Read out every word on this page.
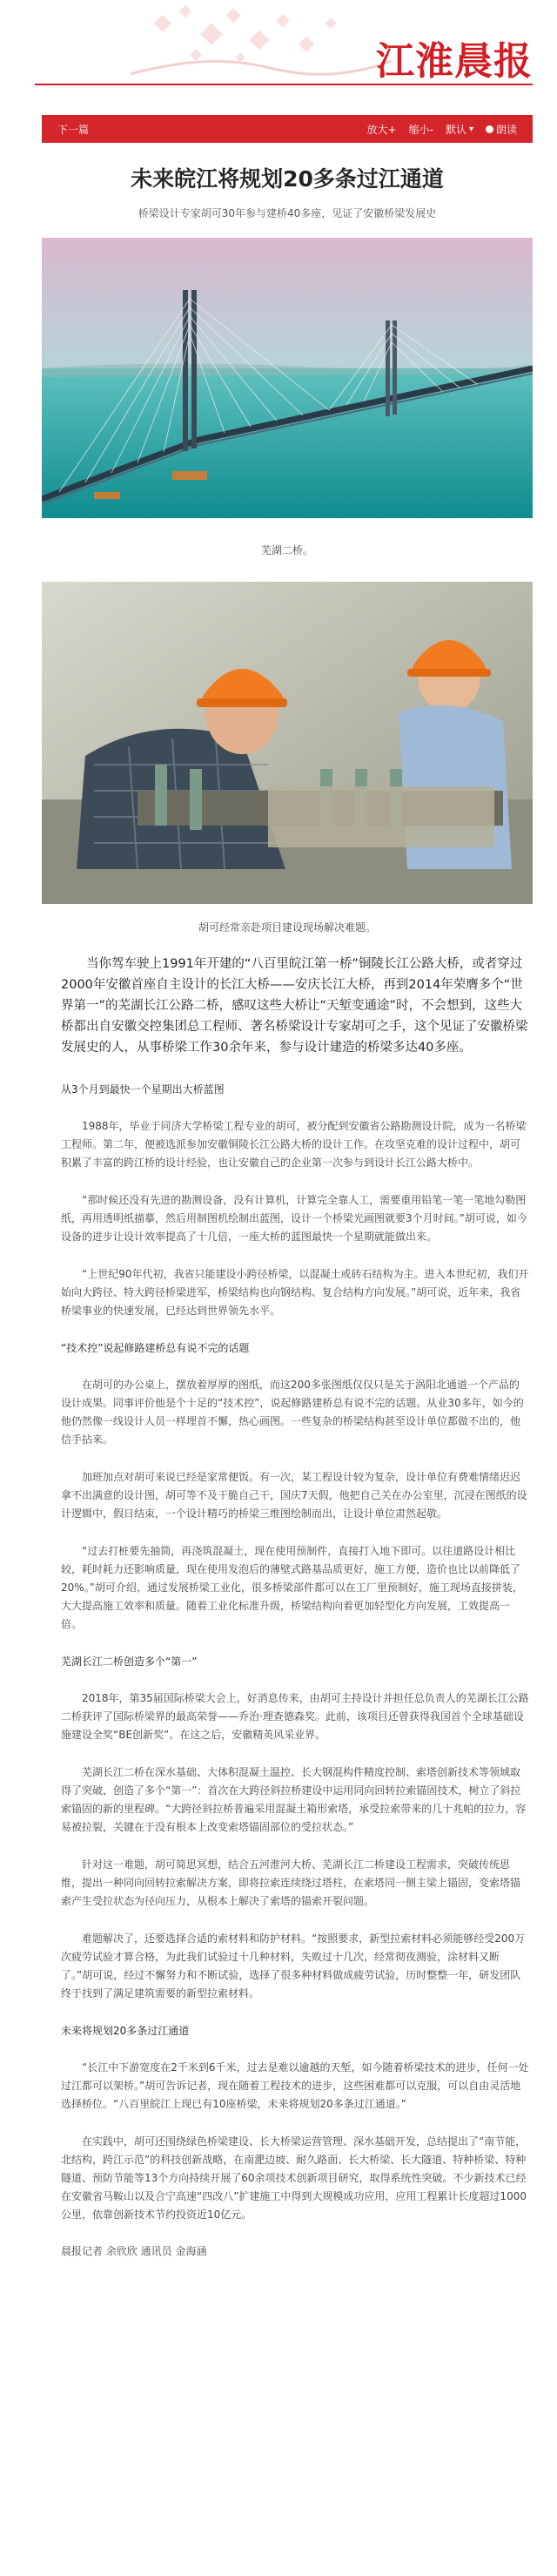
江淮晨报
下一篇	放大+ 缩小- 默认 ▾ 朗读
未来皖江将规划20多条过江通道
桥梁设计专家胡可30年参与建桥40多座，见证了安徽桥梁发展史
芜湖二桥。
胡可经常亲赴项目建设现场解决难题。

当你驾车驶上1991年开建的“八百里皖江第一桥”铜陵长江公路大桥，或者穿过2000年安徽首座自主设计的长江大桥——安庆长江大桥，再到2014年荣膺多个“世界第一”的芜湖长江公路二桥，感叹这些大桥让“天堑变通途”时，不会想到，这些大桥都出自安徽交控集团总工程师、著名桥梁设计专家胡可之手，这个见证了安徽桥梁发展史的人，从事桥梁工作30余年来，参与设计建造的桥梁多达40多座。

从3个月到最快一个星期出大桥蓝图

1988年，毕业于同济大学桥梁工程专业的胡可，被分配到安徽省公路勘测设计院，成为一名桥梁工程师。第二年，便被选派参加安徽铜陵长江公路大桥的设计工作。在攻坚克难的设计过程中，胡可积累了丰富的跨江桥的设计经验，也让安徽自己的企业第一次参与到设计长江公路大桥中。

“那时候还没有先进的勘测设备，没有计算机，计算完全靠人工，需要重用铅笔一笔一笔地勾勒图纸，再用透明纸描摹，然后用制图机绘制出蓝图，设计一个桥梁光画图就要3个月时间。”胡可说，如今设备的进步让设计效率提高了十几倍，一座大桥的蓝图最快一个星期就能做出来。

“上世纪90年代初，我省只能建设小跨径桥梁，以混凝土或砖石结构为主。进入本世纪初，我们开始向大跨径、特大跨径桥梁进军，桥梁结构也向钢结构、复合结构方向发展。”胡可说，近年来，我省桥梁事业的快速发展，已经达到世界领先水平。

“技术控”说起修路建桥总有说不完的话题

在胡可的办公桌上，摆放着厚厚的图纸，而这200多张图纸仅仅只是关于涡阳北通道一个产品的设计成果。同事评价他是个十足的“技术控”，说起修路建桥总有说不完的话题。从业30多年，如今的他仍然像一线设计人员一样埋首不懈，热心画图。一些复杂的桥梁结构甚至设计单位都做不出的，他信手拈来。

加班加点对胡可来说已经是家常便饭。有一次，某工程设计较为复杂，设计单位有费难情绪迟迟拿不出满意的设计图，胡可等不及干脆自己干，国庆7天假，他把自己关在办公室里，沉浸在图纸的设计逻辑中，假日结束，一个设计精巧的桥梁三维图绘制而出，让设计单位肃然起敬。

“过去打桩要先抽筒，再浇筑混凝土，现在使用预制件，直接打入地下即可。以往道路设计相比较，耗时耗力还影响质量，现在使用发泡后的薄壁式路基品质更好，施工方便，造价也比以前降低了20%。”胡可介绍，通过发展桥梁工业化，很多桥梁部件都可以在工厂里预制好，施工现场直接拼装，大大提高施工效率和质量。随着工业化标准升级，桥梁结构向着更加轻型化方向发展，工效提高一倍。

芜湖长江二桥创造多个“第一”

2018年，第35届国际桥梁大会上，好消息传来，由胡可主持设计并担任总负责人的芜湖长江公路二桥获评了国际桥梁界的最高荣誉——乔治·理查德森奖。此前，该项目还曾获得我国首个全球基础设施建设全奖“BE创新奖”。在这之后，安徽精英风采业界。

芜湖长江二桥在深水基础、大体积混凝土温控、长大钢混构件精度控制、索塔创新技术等领域取得了突破，创造了多个“第一”：首次在大跨径斜拉桥建设中运用同向回转拉索锚固技术，树立了斜拉索锚固的新的里程碑。“大跨径斜拉桥普遍采用混凝土箱形索塔，承受拉索带来的几十兆帕的拉力，容易被拉裂，关键在于没有根本上改变索塔锚固部位的受拉状态。”

针对这一难题，胡可简思冥想，结合五河淮河大桥、芜湖长江二桥建设工程需求，突破传统思维，提出一种同向回转拉索解决方案，即将拉索连续绕过塔柱，在索塔同一侧主梁上锚固，变索塔锚索产生受拉状态为径向压力，从根本上解决了索塔的锚索开裂问题。

难题解决了，还要选择合适的索材料和防护材料。“按照要求，新型拉索材料必须能够经受200万次疲劳试验才算合格，为此我们试验过十几种材料，失败过十几次，经常彻夜测验，涂材料又断了。”胡可说，经过不懈努力和不断试验，选择了很多种材料做成疲劳试验，历时整整一年，研发团队终于找到了满足建筑需要的新型拉索材料。

未来将规划20多条过江通道

“长江中下游宽度在2千米到6千米，过去是难以逾越的天堑，如今随着桥梁技术的进步，任何一处过江都可以架桥。”胡可告诉记者，现在随着工程技术的进步，这些困难都可以克服，可以自由灵活地选择桥位。“八百里皖江上现已有10座桥梁，未来将规划20多条过江通道。”

在实践中，胡可还围绕绿色桥梁建设、长大桥梁运营管理、深水基础开发，总结提出了“南节能，北结构，跨江示范”的科技创新战略，在南淝边坡、耐久路面、长大桥梁、长大隧道、特种桥梁、特种隧道、预防节能等13个方向持续开展了60余项技术创新项目研究，取得系统性突破。不少新技术已经在安徽省马鞍山以及合宁高速“四改八”扩建施工中得到大规模成功应用，应用工程累计长度超过1000公里，依靠创新技术节约投资近10亿元。

晨报记者 余欣欣 通讯员 金海涵
